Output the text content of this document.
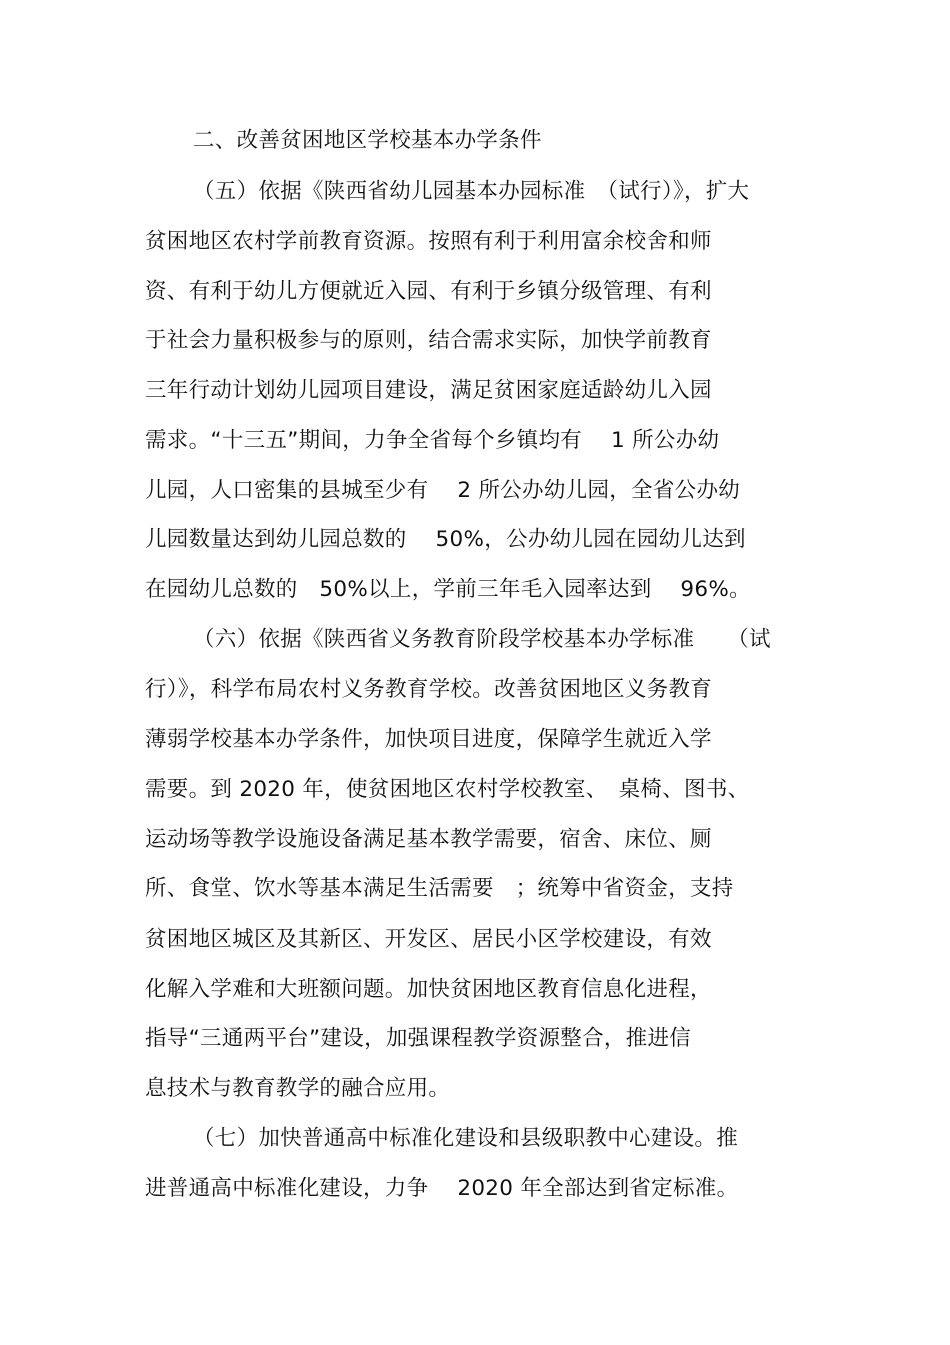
二、改善贫困地区学校基本办学条件
（五）依据《陕西省幼儿园基本办园标准　（试行）》，扩大
贫困地区农村学前教育资源。按照有利于利用富余校舍和师
资、有利于幼儿方便就近入园、有利于乡镇分级管理、有利
于社会力量积极参与的原则，结合需求实际，加快学前教育
三年行动计划幼儿园项目建设，满足贫困家庭适龄幼儿入园
需求。“十三五”期间，力争全省每个乡镇均有　 1 所公办幼
儿园，人口密集的县城至少有　 2 所公办幼儿园，全省公办幼
儿园数量达到幼儿园总数的　 50%，公办幼儿园在园幼儿达到
在园幼儿总数的　50%以上，学前三年毛入园率达到　 96%。
（六）依据《陕西省义务教育阶段学校基本办学标准　　（试
行）》，科学布局农村义务教育学校。改善贫困地区义务教育
薄弱学校基本办学条件，加快项目进度，保障学生就近入学
需要。到 2020 年，使贫困地区农村学校教室、　桌椅、图书、
运动场等教学设施设备满足基本教学需要，宿舍、床位、厕
所、食堂、饮水等基本满足生活需要　；统筹中省资金，支持
贫困地区城区及其新区、开发区、居民小区学校建设，有效
化解入学难和大班额问题。加快贫困地区教育信息化进程，
指导“三通两平台”建设，加强课程教学资源整合，推进信
息技术与教育教学的融合应用。
（七）加快普通高中标准化建设和县级职教中心建设。推
进普通高中标准化建设，力争　 2020 年全部达到省定标准。
